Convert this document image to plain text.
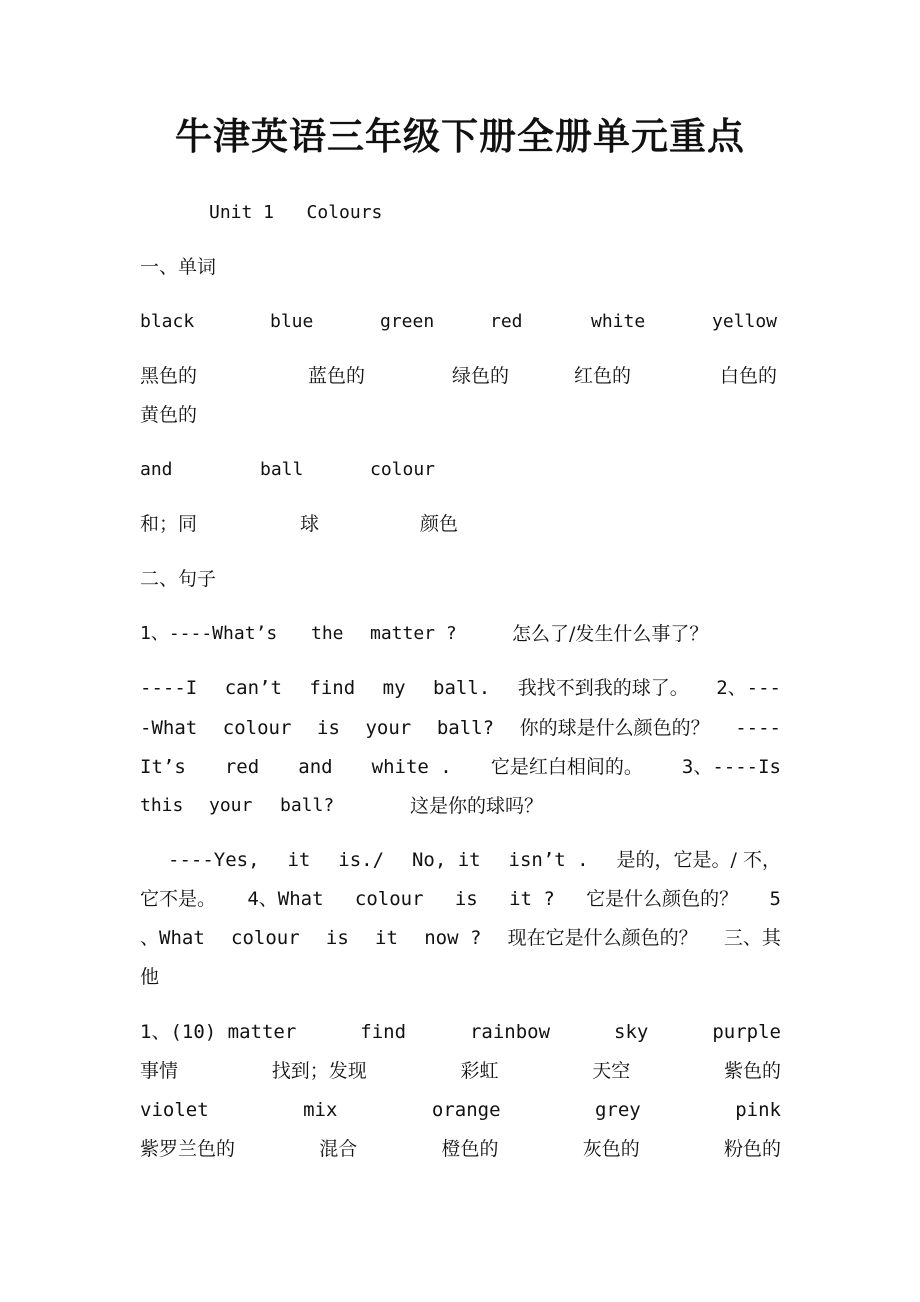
牛津英语三年级下册全册单元重点
Unit 1   Colours
一、单词
black	blue	green	red	white	yellow
黑色的	蓝色的	绿色的	红色的	白色的
黄色的
and	ball	colour
和；同	球	颜色
二、句子
1、----What’s the matter ?	怎么了/发生什么事了？
----I can’t find my ball. 我找不到我的球了。 2、---
-What colour is your ball? 你的球是什么颜色的？ ----
It’s red and white . 它是红白相间的。 3、----Is
this your ball?	这是你的球吗？
----Yes, it is./ No, it isn’t . 是的，它是。/ 不，
它不是。 4、What colour is it ? 它是什么颜色的？ 5
、What colour is it now ? 现在它是什么颜色的？ 三、其
他
1、(10) matter	find	rainbow	sky	purple
事情	找到；发现	彩虹	天空	紫色的
violet	mix	orange	grey	pink
紫罗兰色的	混合	橙色的	灰色的	粉色的
